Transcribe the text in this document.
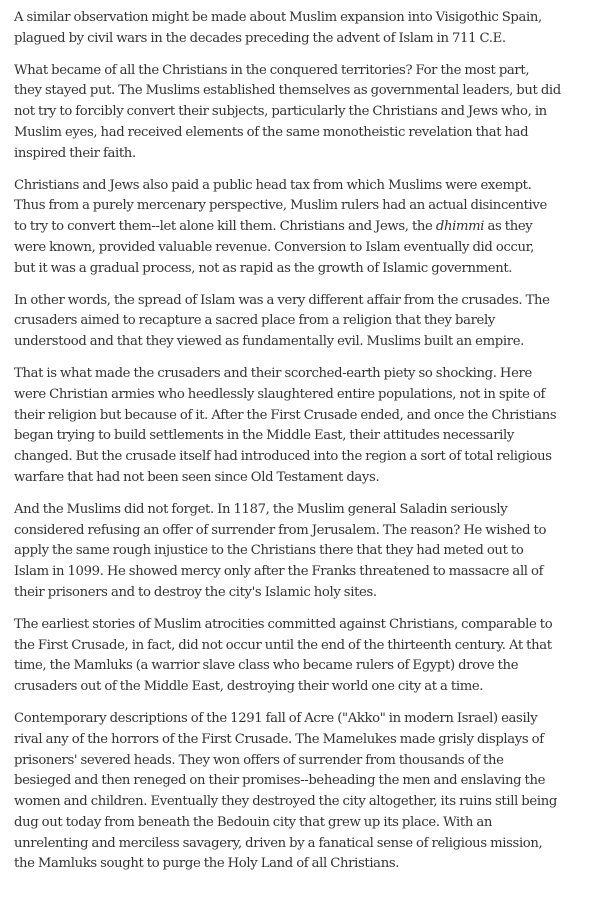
A similar observation might be made about Muslim expansion into Visigothic Spain,
plagued by civil wars in the decades preceding the advent of Islam in 711 C.E.

What became of all the Christians in the conquered territories? For the most part,
they stayed put. The Muslims established themselves as governmental leaders, but did
not try to forcibly convert their subjects, particularly the Christians and Jews who, in
Muslim eyes, had received elements of the same monotheistic revelation that had
inspired their faith.

Christians and Jews also paid a public head tax from which Muslims were exempt.
Thus from a purely mercenary perspective, Muslim rulers had an actual disincentive
to try to convert them--let alone kill them. Christians and Jews, the dhimmi as they
were known, provided valuable revenue. Conversion to Islam eventually did occur,
but it was a gradual process, not as rapid as the growth of Islamic government.

In other words, the spread of Islam was a very different affair from the crusades. The
crusaders aimed to recapture a sacred place from a religion that they barely
understood and that they viewed as fundamentally evil. Muslims built an empire.

That is what made the crusaders and their scorched-earth piety so shocking. Here
were Christian armies who heedlessly slaughtered entire populations, not in spite of
their religion but because of it. After the First Crusade ended, and once the Christians
began trying to build settlements in the Middle East, their attitudes necessarily
changed. But the crusade itself had introduced into the region a sort of total religious
warfare that had not been seen since Old Testament days.

And the Muslims did not forget. In 1187, the Muslim general Saladin seriously
considered refusing an offer of surrender from Jerusalem. The reason? He wished to
apply the same rough injustice to the Christians there that they had meted out to
Islam in 1099. He showed mercy only after the Franks threatened to massacre all of
their prisoners and to destroy the city's Islamic holy sites.

The earliest stories of Muslim atrocities committed against Christians, comparable to
the First Crusade, in fact, did not occur until the end of the thirteenth century. At that
time, the Mamluks (a warrior slave class who became rulers of Egypt) drove the
crusaders out of the Middle East, destroying their world one city at a time.

Contemporary descriptions of the 1291 fall of Acre ("Akko" in modern Israel) easily
rival any of the horrors of the First Crusade. The Mamelukes made grisly displays of
prisoners' severed heads. They won offers of surrender from thousands of the
besieged and then reneged on their promises--beheading the men and enslaving the
women and children. Eventually they destroyed the city altogether, its ruins still being
dug out today from beneath the Bedouin city that grew up its place. With an
unrelenting and merciless savagery, driven by a fanatical sense of religious mission,
the Mamluks sought to purge the Holy Land of all Christians.
